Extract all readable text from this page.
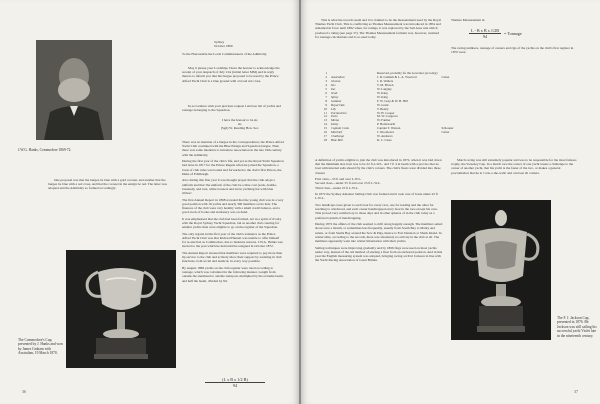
J.W.G. Hanks, Commodore 1869-72.
Sydney
October 1869
To the Honourable the Lords Commissioners of the Admiralty,
May it please your Lordships I have the honour to acknowledge the receipt of your despatch of July 21st (initial letter MM) and in reply thereto to inform you that the burgee proposed to be used by the Prince Alfred Yacht Club is a blue ground with a broad red cross.
In accordance with your previous request I enclose list of yachts and tonnage belonging to the Squadron.
I have the honour to be sir,
sir,
(Sgd) W. Reading Hon. Sec.
One proposal was that the burgee be blue with a gold coronet, and another that the burgee be blue with a red cross, and that the coronet in the ensign be red. The latter was adopted and the Admiralty so formed accordingly.

There was no mention of a burgee in the correspondence; the Prince Alfred Yacht Club continued with the Blue Ensign and Squadron burgee. Then there was some intention to introduce Association in the late 19th century with the Admiralty.

During the first year of the club's life, and yet as the Royal Yacht Squadron had done in 1817 for the Prince Regent when he joined the Squadron, a book of club rules was bound and forwarded to the club's first Patron, the Duke of Edinburgh.

Also during this first year it was thought proper that the club adopt a uniform and that 'the uniform of the club be a blue coat (sack, double-breasted), and vest, white trousers and straw yachting hat with blue ribbon'.

The first Annual Report in 1868 revealed that the young club was in a very good position with 16 yachts and nearly 300 members on its lists. The finances of the club were very healthy with a small credit balance, and a good stock of books and stationery was on hand.

It was emphasised that the club had been formed, not in a spirit of rivalry with the Royal Sydney Yacht Squadron, but as another club catering for smaller yachts than were eligible to go on the register of the Squadron.

The only regatta in this first year of the club's existence as the Prince Alfred Yacht Club was that Richard Harnett was unable to offer himself for re-election as Commodore, due to business reasons. J.W.G. Hanks was elected to the post which he held until he resigned in October 1872.

The Annual Report stressed that members were required to pay more than lip service to the club and actively show their support by assisting in club functions, both social and nautical, in every way possible.

By August 1869 yachts on the club register were rated according to tonnage, which was calculated in the following manner. Length from outside the sternhead to outside sternpost, multiplied by the extreme beam, and half the beam, divided by 94:

$\frac{\text{(L x B x 1/2 B)}}{94}$
The Commodore's Cup, presented by J. Hanks and won by James Graham with Australian, 19 March 1870.
36
This is what the records seem and it is claimed to be the measurement used by the Royal Thames Yacht Club. This is conflicting as Thames Measurement was introduced in 1854 and remained in force until 1882 when, for ratings, it was replaced by the Sail Area rule which produced a rating (see page 37). The Thames Measurement formula was, however, retained for tonnage calculations and is so used today.
Thames Measurement is:
$\frac{\text{L - B x B x 1/2B}}{94}$ = Tonnage
The racing numbers, tonnage of owners and rigs of the yachts on the club's first register in 1870 were:
1		Reserved, probably for the Governor (as today)	
2	Australian	J. R. Graham & L. A. Woolcott	Cutter
3	Gloena	J. R. Walters	
4	Isis	T. M. Brown	
5	Ino	W. Langley	
6	Scud	W. King	
7	Spray	W. King	
8	Galatea	F. W. Gray & W. H. Hill	
9	Royal Oak	W. Grant	
10	Lily	T. Beatty	
11	Enchantress	W. H. Cooper	
12	Irene	M. W. Cosgrove	
13	Mema	W. Farmer	
14	Daisy	P. Holdsworth	
15	Captain Cook	Captain T. Watson	Schooner
16	Mischief	J. Woodward	Cutter
17	Challenge	W. Andrews	
18	Blue Bell	R. C. Close	

A definition of yachts eligible to join the club was introduced in 1872, when it was laid down that the minimum size boat was to be 22 ft.L.W.L. and 7 ft 4 in beam with a proviso that no boat with internal sails should fly the club's colours. The club's fleets were divided into three classes:

First class—35 ft and over L.W.L.

Second class—under 35 ft and over 25 ft L.W.L.

Third class—under 25 ft L.W.L.

In 1872 the Sydney Amateur Sailing Club was formed and it took care of boats under 22 ft L.W.L.

Two handicaps were given to each boat for every race, one for leading and the other for reaching to windward, and each owner handicapped every boat in the race except his own. This proved very satisfactory to those days and in other spheres of in the club today as a preferred system of handicapping.

During 1872 the affairs of the club seemed to drift along happily enough. The members sailed about once a month, or sometimes less frequently, usually from South Bay to Manly and return, or from Snails Bay around the Sow & Pigs, thence to Fort Denison or Shark Island. In winter time, according to the records, there was absolutely no activity in the club at all. The members apparently went into winter hibernation with their yachts.

Sailing techniques were improving gradually and by 1866 flags were used on most yachts under way, instead of the old method of starting a fleet from an anchored position. And in this year the English measuring system was adopted, bringing racing on Port Jackson in line with the Yacht Racing Association of Great Britain.

Match racing was still extremely popular and was to be responsible for the most famous trophy, the Sweeney Cup. In a match race the owner of one yacht issues a challenge to the owner of another yacht, that his yacht is the faster of the two, or makes a general proclamation that he is 'cock-o-the-walk' and can beat all comers.
The F. J. Jackson Cup, presented in 1876. Mr Jackson was still sailing his successful yacht Violet late in the nineteenth century.
37
